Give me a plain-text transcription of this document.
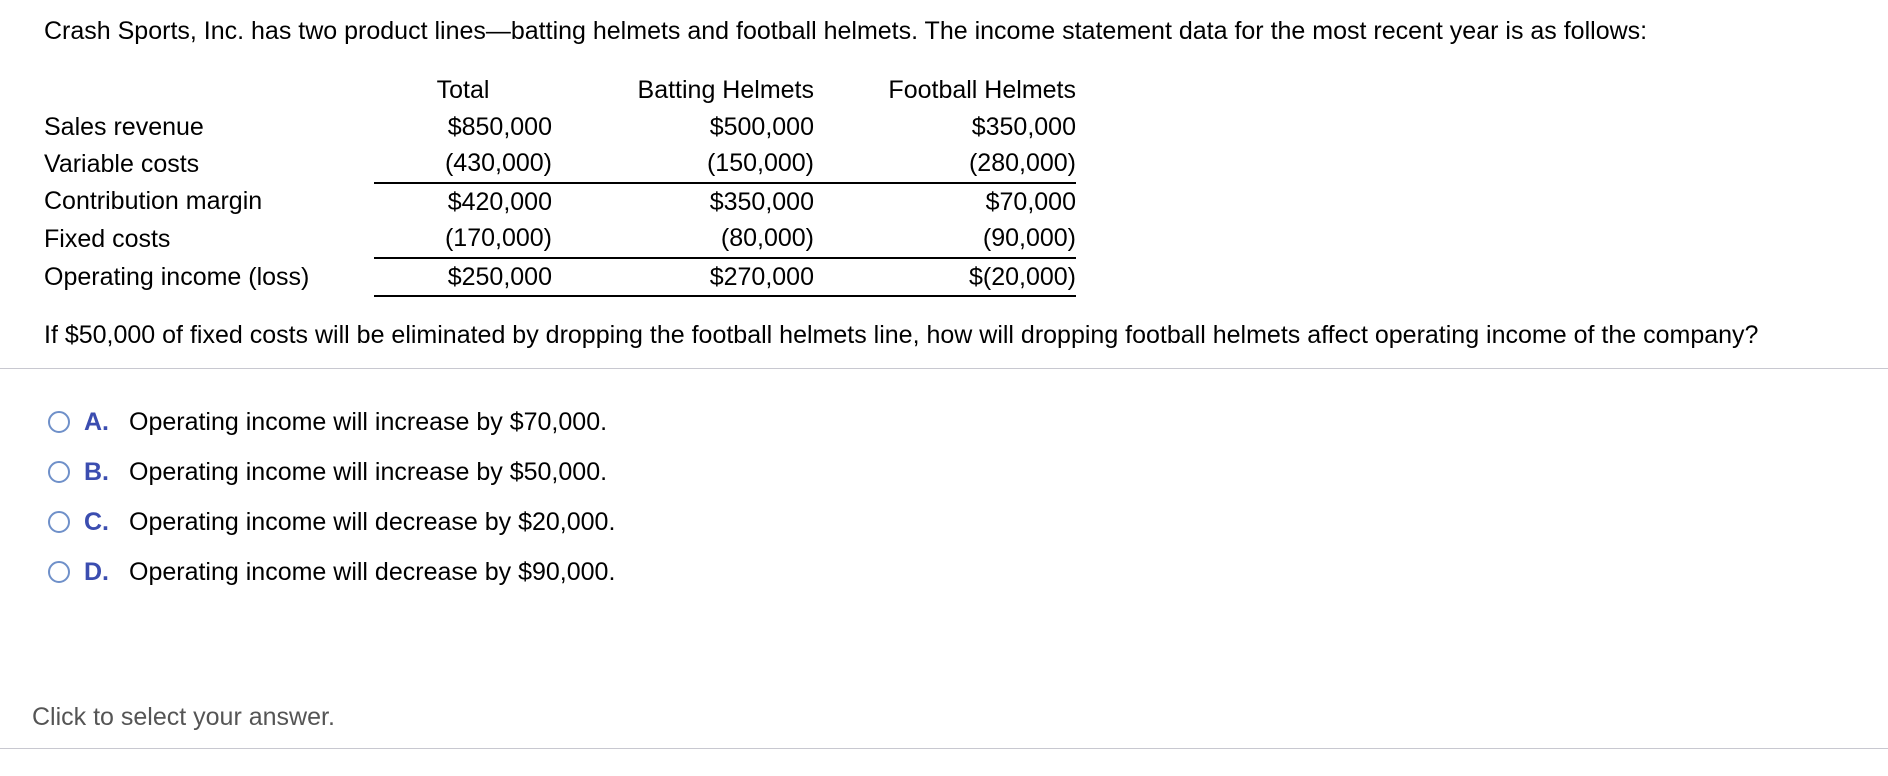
Crash Sports, Inc. has two product lines—batting helmets and football helmets. The income statement data for the most recent year is as follows:
	Total	Batting Helmets	Football Helmets
Sales revenue	$850,000	$500,000	$350,000
Variable costs	(430,000)	(150,000)	(280,000)
Contribution margin	$420,000	$350,000	$70,000
Fixed costs	(170,000)	(80,000)	(90,000)
Operating income (loss)	$250,000	$270,000	$(20,000)
If $50,000 of fixed costs will be eliminated by dropping the football helmets line, how will dropping football helmets affect operating income of the company?
A. Operating income will increase by $70,000.
B. Operating income will increase by $50,000.
C. Operating income will decrease by $20,000.
D. Operating income will decrease by $90,000.
Click to select your answer.
